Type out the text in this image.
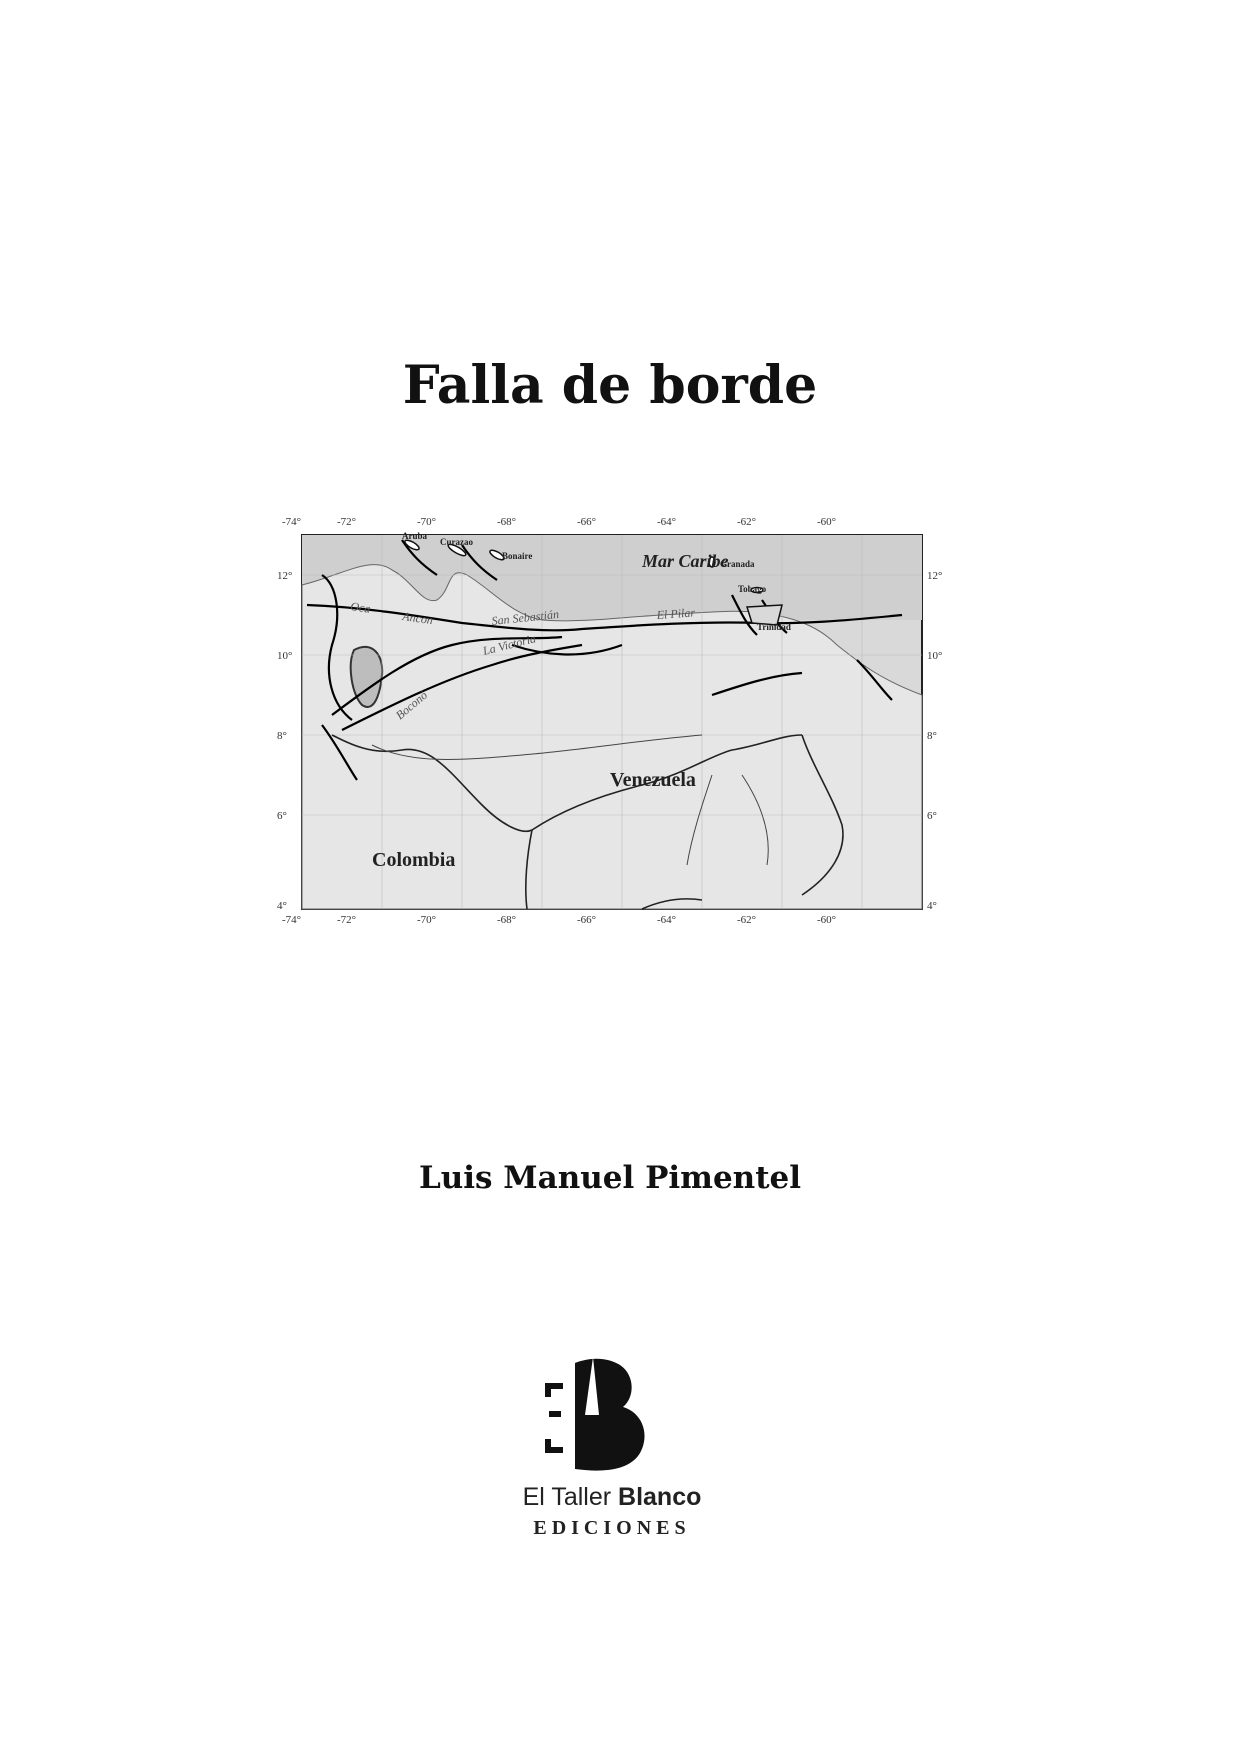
Falla de borde
-74°	-72°	-70°	-68°	-66°	-64°	-62°	-60°
-74°	-72°	-70°	-68°	-66°	-64°	-62°	-60°
12°
10°
8°
6°
4°
12°
10°
8°
6°
4°
Mar Caribe
Venezuela
Colombia
Aruba
Curazao
Bonaire
Granada
Tobago
Trinidad
Oca
Ancon	San Sebastián	El Pilar
La Victoria
Boconó

Luis Manuel Pimentel

El Taller Blanco
EDICIONES
